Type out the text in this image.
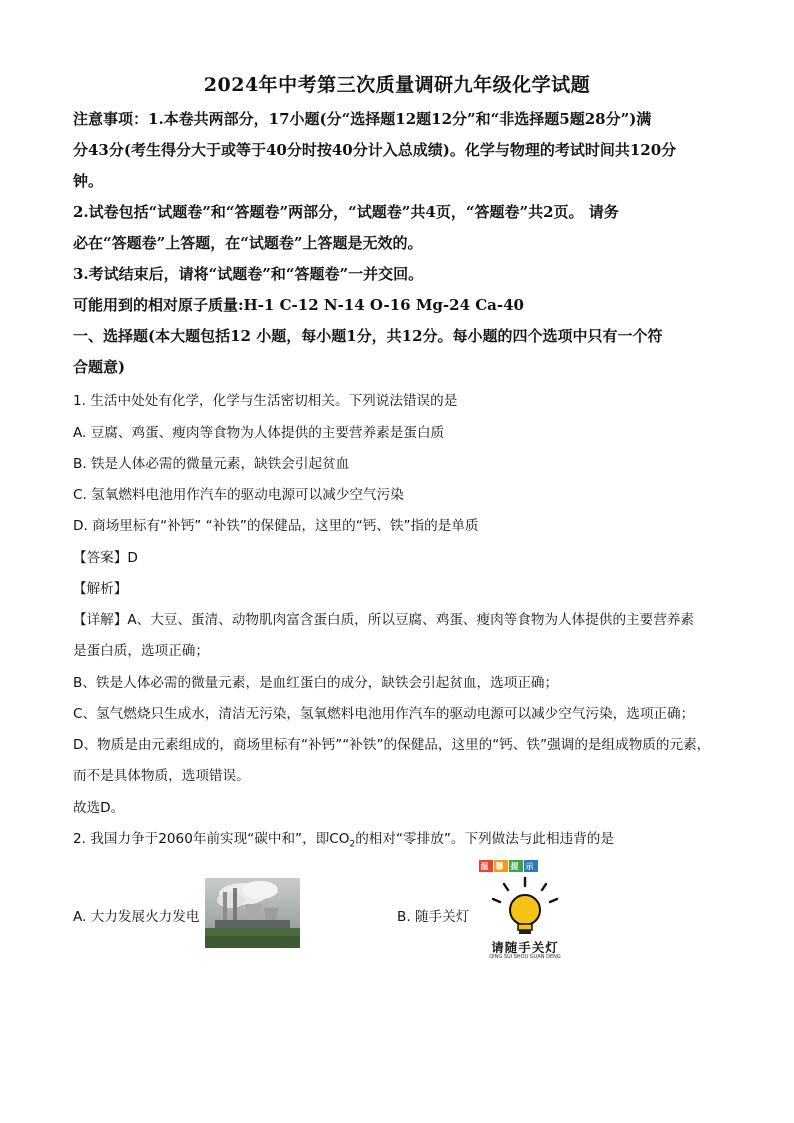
2024年中考第三次质量调研九年级化学试题
注意事项：1.本卷共两部分，17小题(分“选择题12题12分”和“非选择题5题28分”)满
分43分(考生得分大于或等于40分时按40分计入总成绩)。化学与物理的考试时间共120分
钟。
2.试卷包括“试题卷”和“答题卷”两部分，“试题卷”共4页，“答题卷”共2页。 请务
必在“答题卷”上答题，在“试题卷”上答题是无效的。
3.考试结束后，请将“试题卷”和“答题卷”一并交回。
可能用到的相对原子质量:H-1 C-12 N-14 O-16 Mg-24 Ca-40
一、选择题(本大题包括12 小题，每小题1分，共12分。每小题的四个选项中只有一个符
合题意)
1. 生活中处处有化学，化学与生活密切相关。下列说法错误的是
A. 豆腐、鸡蛋、瘦肉等食物为人体提供的主要营养素是蛋白质
B. 铁是人体必需的微量元素，缺铁会引起贫血
C. 氢氧燃料电池用作汽车的驱动电源可以减少空气污染
D. 商场里标有“补钙” “补铁”的保健品，这里的“钙、铁”指的是单质
【答案】D
【解析】
【详解】A、大豆、蛋清、动物肌肉富含蛋白质，所以豆腐、鸡蛋、瘦肉等食物为人体提供的主要营养素
是蛋白质，选项正确；
B、铁是人体必需的微量元素，是血红蛋白的成分，缺铁会引起贫血，选项正确；
C、氢气燃烧只生成水，清洁无污染，氢氧燃料电池用作汽车的驱动电源可以减少空气污染，选项正确；
D、物质是由元素组成的，商场里标有“补钙”“补铁”的保健品，这里的“钙、铁”强调的是组成物质的元素，
而不是具体物质，选项错误。
故选D。
2. 我国力争于2060年前实现“碳中和”，即$CO_2$的相对“零排放”。下列做法与此相违背的是
A. 大力发展火力发电	B. 随手关灯
温 馨 提 示
请随手关灯
QING SUI SHOU GUAN DENG
